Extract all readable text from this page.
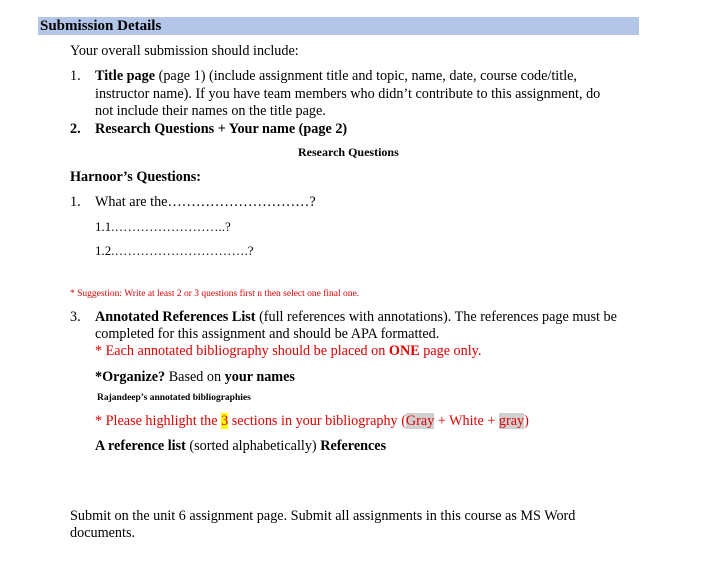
Submission Details
Your overall submission should include:
1. Title page (page 1) (include assignment title and topic, name, date, course code/title,
instructor name). If you have team members who didn’t contribute to this assignment, do
not include their names on the title page.
2. Research Questions + Your name (page 2)
Research Questions
Harnoor’s Questions:
1. What are the…………………………?
1.1.……………………..?
1.2.………………………….?
* Suggestion: Write at least 2 or 3 questions first n then select one final one.
3. Annotated References List (full references with annotations). The references page must be
completed for this assignment and should be APA formatted.
* Each annotated bibliography should be placed on ONE page only.
*Organize? Based on your names
Rajandeep’s annotated bibliographies
* Please highlight the 3 sections in your bibliography (Gray + White + gray)
A reference list (sorted alphabetically) References
Submit on the unit 6 assignment page. Submit all assignments in this course as MS Word
documents.
